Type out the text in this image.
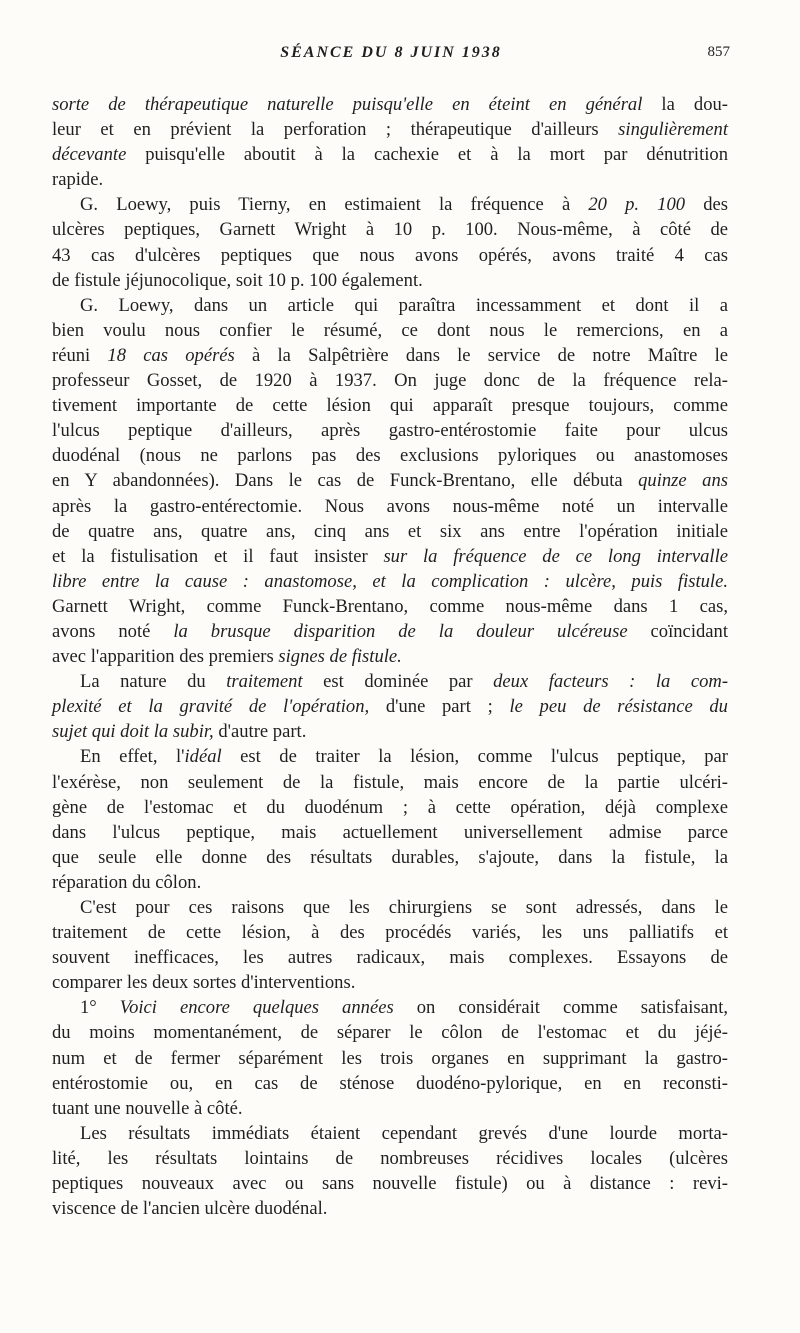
SÉANCE DU 8 JUIN 1938	857
sorte de thérapeutique naturelle puisqu'elle en éteint en général la dou-
leur et en prévient la perforation ; thérapeutique d'ailleurs singulièrement
décevante puisqu'elle aboutit à la cachexie et à la mort par dénutrition
rapide.
G. Loewy, puis Tierny, en estimaient la fréquence à 20 p. 100 des
ulcères peptiques, Garnett Wright à 10 p. 100. Nous-même, à côté de
43 cas d'ulcères peptiques que nous avons opérés, avons traité 4 cas
de fistule jéjunocolique, soit 10 p. 100 également.
G. Loewy, dans un article qui paraîtra incessamment et dont il a
bien voulu nous confier le résumé, ce dont nous le remercions, en a
réuni 18 cas opérés à la Salpêtrière dans le service de notre Maître le
professeur Gosset, de 1920 à 1937. On juge donc de la fréquence rela-
tivement importante de cette lésion qui apparaît presque toujours, comme
l'ulcus peptique d'ailleurs, après gastro-entérostomie faite pour ulcus
duodénal (nous ne parlons pas des exclusions pyloriques ou anastomoses
en Y abandonnées). Dans le cas de Funck-Brentano, elle débuta quinze ans
après la gastro-entérectomie. Nous avons nous-même noté un intervalle
de quatre ans, quatre ans, cinq ans et six ans entre l'opération initiale
et la fistulisation et il faut insister sur la fréquence de ce long intervalle
libre entre la cause : anastomose, et la complication : ulcère, puis fistule.
Garnett Wright, comme Funck-Brentano, comme nous-même dans 1 cas,
avons noté la brusque disparition de la douleur ulcéreuse coïncidant
avec l'apparition des premiers signes de fistule.
La nature du traitement est dominée par deux facteurs : la com-
plexité et la gravité de l'opération, d'une part ; le peu de résistance du
sujet qui doit la subir, d'autre part.
En effet, l'idéal est de traiter la lésion, comme l'ulcus peptique, par
l'exérèse, non seulement de la fistule, mais encore de la partie ulcéri-
gène de l'estomac et du duodénum ; à cette opération, déjà complexe
dans l'ulcus peptique, mais actuellement universellement admise parce
que seule elle donne des résultats durables, s'ajoute, dans la fistule, la
réparation du côlon.
C'est pour ces raisons que les chirurgiens se sont adressés, dans le
traitement de cette lésion, à des procédés variés, les uns palliatifs et
souvent inefficaces, les autres radicaux, mais complexes. Essayons de
comparer les deux sortes d'interventions.
1° Voici encore quelques années on considérait comme satisfaisant,
du moins momentanément, de séparer le côlon de l'estomac et du jéjé-
num et de fermer séparément les trois organes en supprimant la gastro-
entérostomie ou, en cas de sténose duodéno-pylorique, en en reconsti-
tuant une nouvelle à côté.
Les résultats immédiats étaient cependant grevés d'une lourde morta-
lité, les résultats lointains de nombreuses récidives locales (ulcères
peptiques nouveaux avec ou sans nouvelle fistule) ou à distance : revi-
viscence de l'ancien ulcère duodénal.
